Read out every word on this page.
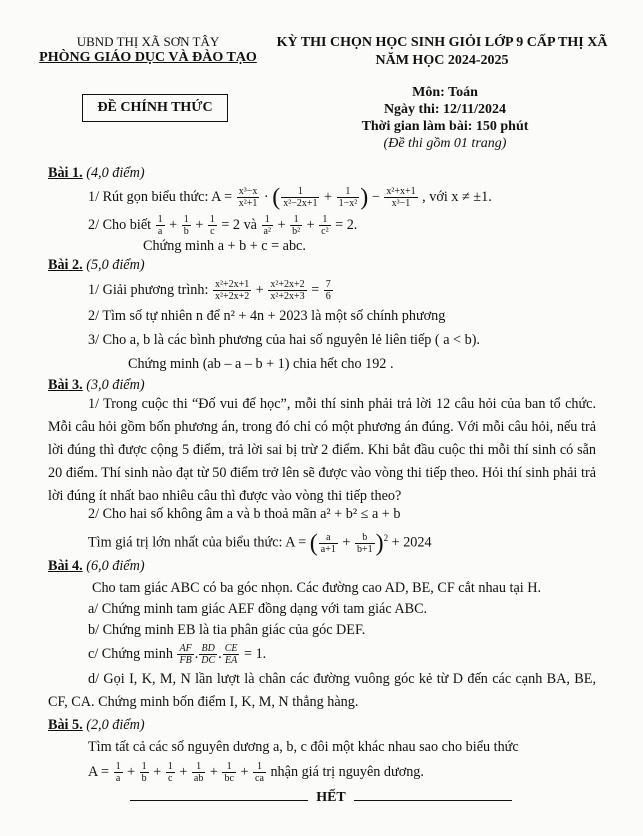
UBND THỊ XÃ SƠN TÂY
PHÒNG GIÁO DỤC VÀ ĐÀO TẠO
KỲ THI CHỌN HỌC SINH GIỎI LỚP 9 CẤP THỊ XÃ
NĂM HỌC 2024-2025
ĐỀ CHÍNH THỨC
Môn: Toán
Ngày thi: 12/11/2024
Thời gian làm bài: 150 phút
(Đề thi gồm 01 trang)
Bài 1. (4,0 điểm)
1/ Rút gọn biểu thức: $A = \frac{\text{x³−x}}{\text{x²+1}}$ · ( $\frac{1}{\text{x²−2x+1}} + \frac{1}{\text{1−x²}}$ ) − $\frac{\text{x²+x+1}}{\text{x³−1}}$ , với x ≠ ±1.
2/ Cho biết $\frac{1}{a} + \frac{1}{b} + \frac{1}{c} = 2$ và $\frac{1}{\text{a²}} + \frac{1}{\text{b²}} + \frac{1}{\text{c²}} = 2$.
Chứng minh a + b + c = abc.
Bài 2. (5,0 điểm)
1/ Giải phương trình: $\frac{\text{x²+2x+1}}{\text{x²+2x+2}} + \frac{\text{x²+2x+2}}{\text{x²+2x+3}} = \frac{7}{6}$
2/ Tìm số tự nhiên n để n² + 4n + 2023 là một số chính phương
3/ Cho a, b là các bình phương của hai số nguyên lẻ liên tiếp ( a < b).
Chứng minh (ab – a – b + 1) chia hết cho 192 .
Bài 3. (3,0 điểm)
1/ Trong cuộc thi “Đố vui để học”, mỗi thí sinh phải trả lời 12 câu hỏi của ban tổ chức. Mỗi câu hỏi gồm bốn phương án, trong đó chỉ có một phương án đúng. Với mỗi câu hỏi, nếu trả lời đúng thì được cộng 5 điểm, trả lời sai bị trừ 2 điểm. Khi bắt đầu cuộc thi mỗi thí sinh có sẵn 20 điểm. Thí sinh nào đạt từ 50 điểm trở lên sẽ được vào vòng thi tiếp theo. Hỏi thí sinh phải trả lời đúng ít nhất bao nhiêu câu thì được vào vòng thi tiếp theo?
2/ Cho hai số không âm a và b thoả mãn a² + b² ≤ a + b
Tìm giá trị lớn nhất của biểu thức: A = ( $\frac{a}{a+1} + \frac{b}{b+1} )^2 + 2024$
Bài 4. (6,0 điểm)
Cho tam giác ABC có ba góc nhọn. Các đường cao AD, BE, CF cắt nhau tại H.
a/ Chứng minh tam giác AEF đồng dạng với tam giác ABC.
b/ Chứng minh EB là tia phân giác của góc DEF.
c/ Chứng minh $\frac{AF}{FB}$ . $\frac{BD}{DC}$ . $\frac{CE}{EA} = 1$.
d/ Gọi I, K, M, N lần lượt là chân các đường vuông góc kẻ từ D đến các cạnh BA, BE, CF, CA. Chứng minh bốn điểm I, K, M, N thẳng hàng.
Bài 5. (2,0 điểm)
Tìm tất cả các số nguyên dương a, b, c đôi một khác nhau sao cho biểu thức
$A = \frac{1}{a} + \frac{1}{b} + \frac{1}{c} + \frac{1}{ab} + \frac{1}{bc} + \frac{1}{ca}$ nhận giá trị nguyên dương.
HẾT
